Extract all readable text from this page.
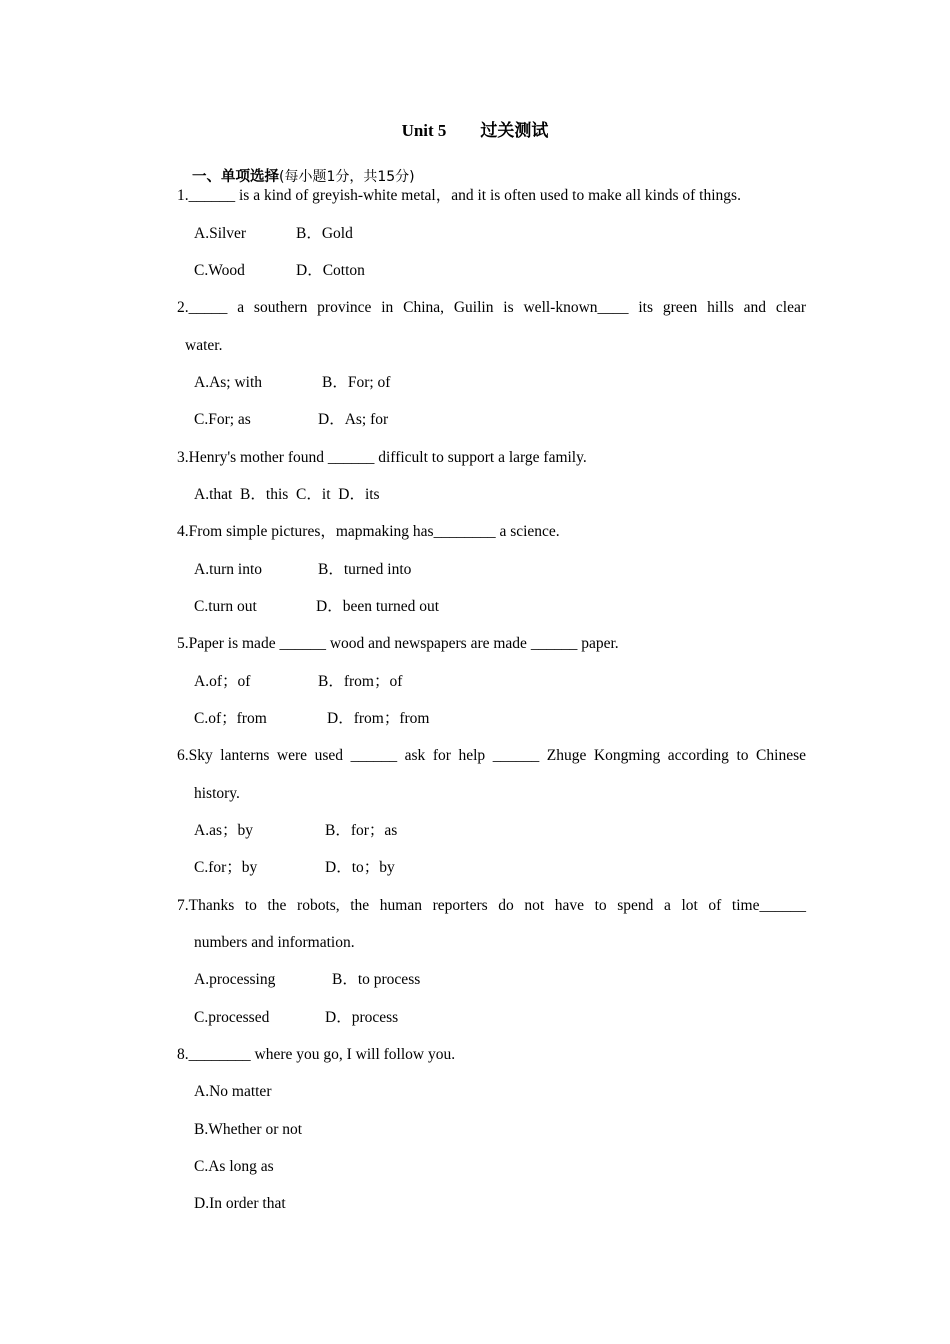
Unit 5        过关测试

一、单项选择(每小题1分，共15分)

1.______ is a kind of greyish-white metal，and it is often used to make all kinds of things.

A.Silver

	B．Gold

C.Wood

	D．Cotton

2._____ a southern province in China, Guilin is well-known____ its green hills and clear
water.

A.As; with

	B．For; of

C.For; as

	D．As; for

3.Henry's mother found ______ difficult to support a large family.
A.that  B．this  C．it  D．its
4.From simple pictures，mapmaking has________ a science.

A.turn into

	B．turned into

C.turn out

	D．been turned out

5.Paper is made ______ wood and newspapers are made ______ paper.

A.of；of

	B．from；of

C.of；from

	D．from；from

6.Sky lanterns were used ______ ask for help ______ Zhuge Kongming according to Chinese
history.

A.as；by

	B．for；as

C.for；by

	D．to；by

7.Thanks to the robots, the human reporters do not have to spend a lot of time______
numbers and information.

A.processing

	B．to process

C.processed

	D．process

8.________ where you go, I will follow you.
A.No matter
B.Whether or not
C.As long as
D.In order that
